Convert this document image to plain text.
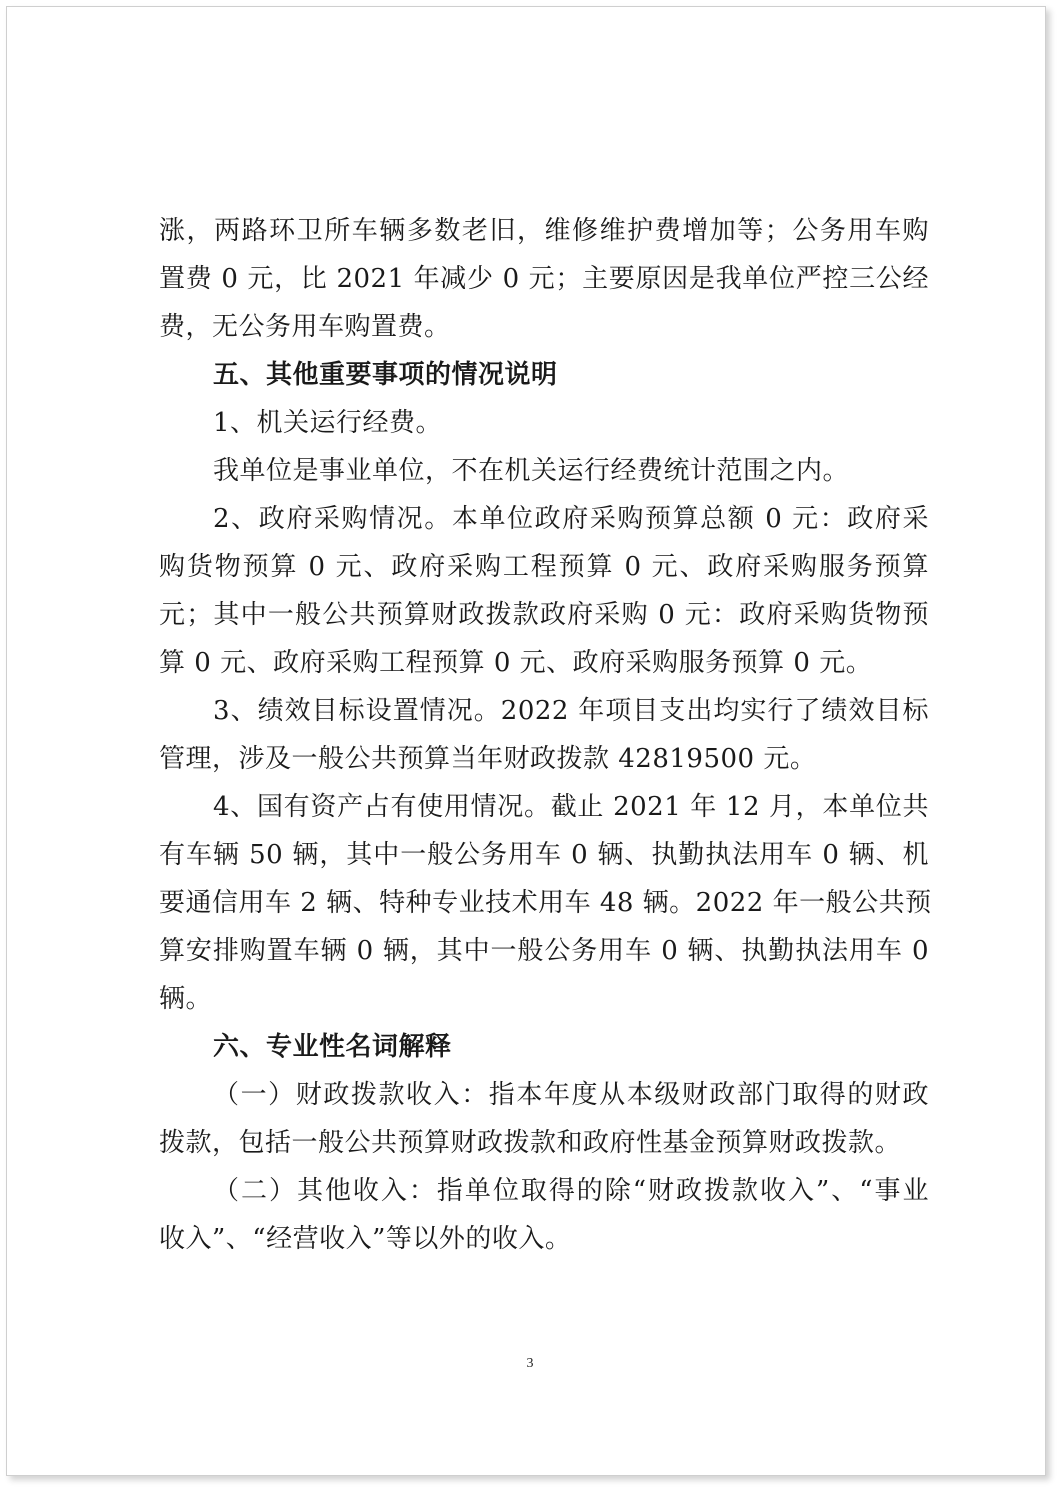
涨，两路环卫所车辆多数老旧，维修维护费增加等；公务用车购
置费 0 元，比 2021 年减少 0 元；主要原因是我单位严控三公经
费，无公务用车购置费。
五、其他重要事项的情况说明
1、机关运行经费。
我单位是事业单位，不在机关运行经费统计范围之内。
2、政府采购情况。本单位政府采购预算总额 0 元：政府采
购货物预算 0 元、政府采购工程预算 0 元、政府采购服务预算
元；其中一般公共预算财政拨款政府采购 0 元：政府采购货物预
算 0 元、政府采购工程预算 0 元、政府采购服务预算 0 元。
3、绩效目标设置情况。2022 年项目支出均实行了绩效目标
管理，涉及一般公共预算当年财政拨款 42819500 元。
4、国有资产占有使用情况。截止 2021 年 12 月，本单位共
有车辆 50 辆，其中一般公务用车 0 辆、执勤执法用车 0 辆、机
要通信用车 2 辆、特种专业技术用车 48 辆。2022 年一般公共预
算安排购置车辆 0 辆，其中一般公务用车 0 辆、执勤执法用车 0
辆。
六、专业性名词解释
（一）财政拨款收入：指本年度从本级财政部门取得的财政
拨款，包括一般公共预算财政拨款和政府性基金预算财政拨款。
（二）其他收入：指单位取得的除“财政拨款收入”、“事业
收入”、“经营收入”等以外的收入。
3
